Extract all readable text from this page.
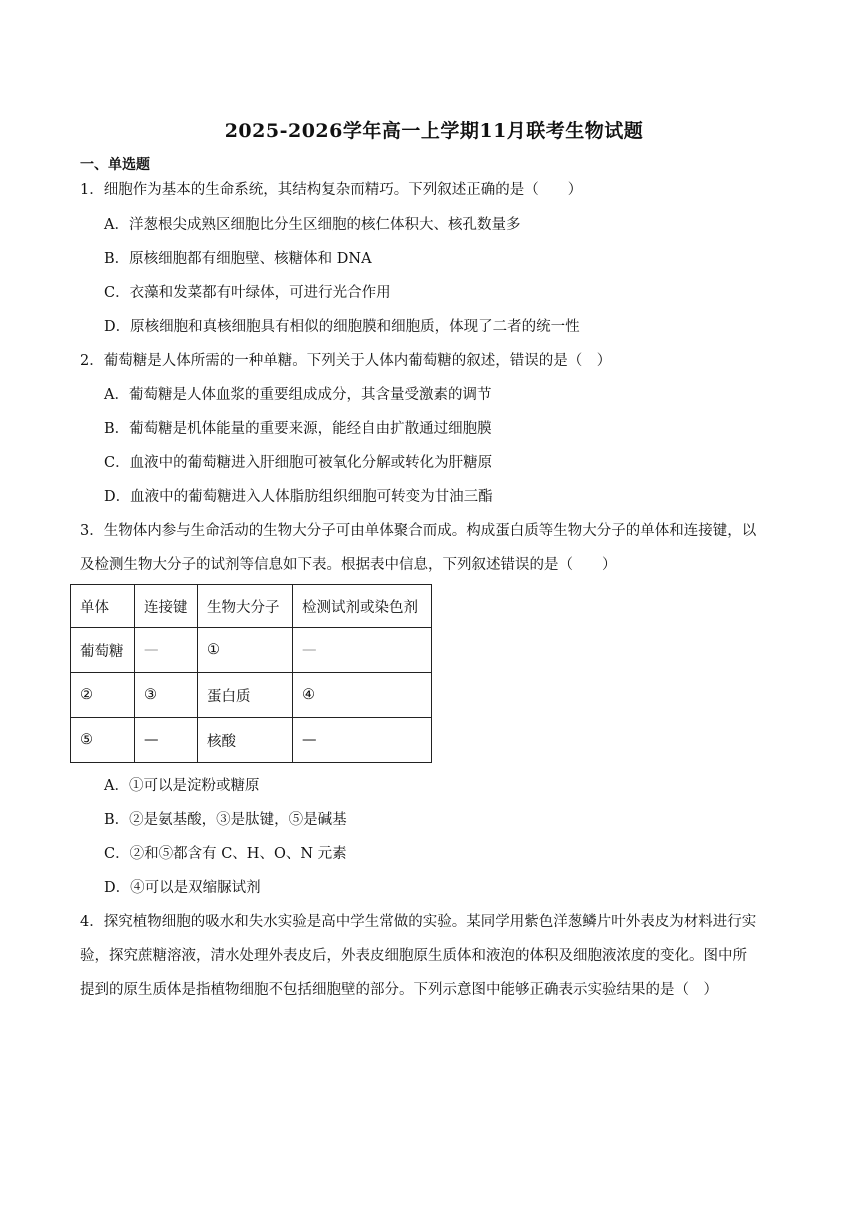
2025-2026学年高一上学期11月联考生物试题
一、单选题
1．细胞作为基本的生命系统，其结构复杂而精巧。下列叙述正确的是（　　）
A．洋葱根尖成熟区细胞比分生区细胞的核仁体积大、核孔数量多
B．原核细胞都有细胞壁、核糖体和 DNA
C．衣藻和发菜都有叶绿体，可进行光合作用
D．原核细胞和真核细胞具有相似的细胞膜和细胞质，体现了二者的统一性
2．葡萄糖是人体所需的一种单糖。下列关于人体内葡萄糖的叙述，错误的是（　）
A．葡萄糖是人体血浆的重要组成成分，其含量受激素的调节
B．葡萄糖是机体能量的重要来源，能经自由扩散通过细胞膜
C．血液中的葡萄糖进入肝细胞可被氧化分解或转化为肝糖原
D．血液中的葡萄糖进入人体脂肪组织细胞可转变为甘油三酯
3．生物体内参与生命活动的生物大分子可由单体聚合而成。构成蛋白质等生物大分子的单体和连接键，以
及检测生物大分子的试剂等信息如下表。根据表中信息，下列叙述错误的是（　　）
单体	连接键	生物大分子	检测试剂或染色剂
葡萄糖	—	①	—
②	③	蛋白质	④
⑤	—	核酸	—
A．①可以是淀粉或糖原
B．②是氨基酸，③是肽键，⑤是碱基
C．②和⑤都含有 C、H、O、N 元素
D．④可以是双缩脲试剂
4．探究植物细胞的吸水和失水实验是高中学生常做的实验。某同学用紫色洋葱鳞片叶外表皮为材料进行实
验，探究蔗糖溶液，清水处理外表皮后，外表皮细胞原生质体和液泡的体积及细胞液浓度的变化。图中所
提到的原生质体是指植物细胞不包括细胞壁的部分。下列示意图中能够正确表示实验结果的是（　）
